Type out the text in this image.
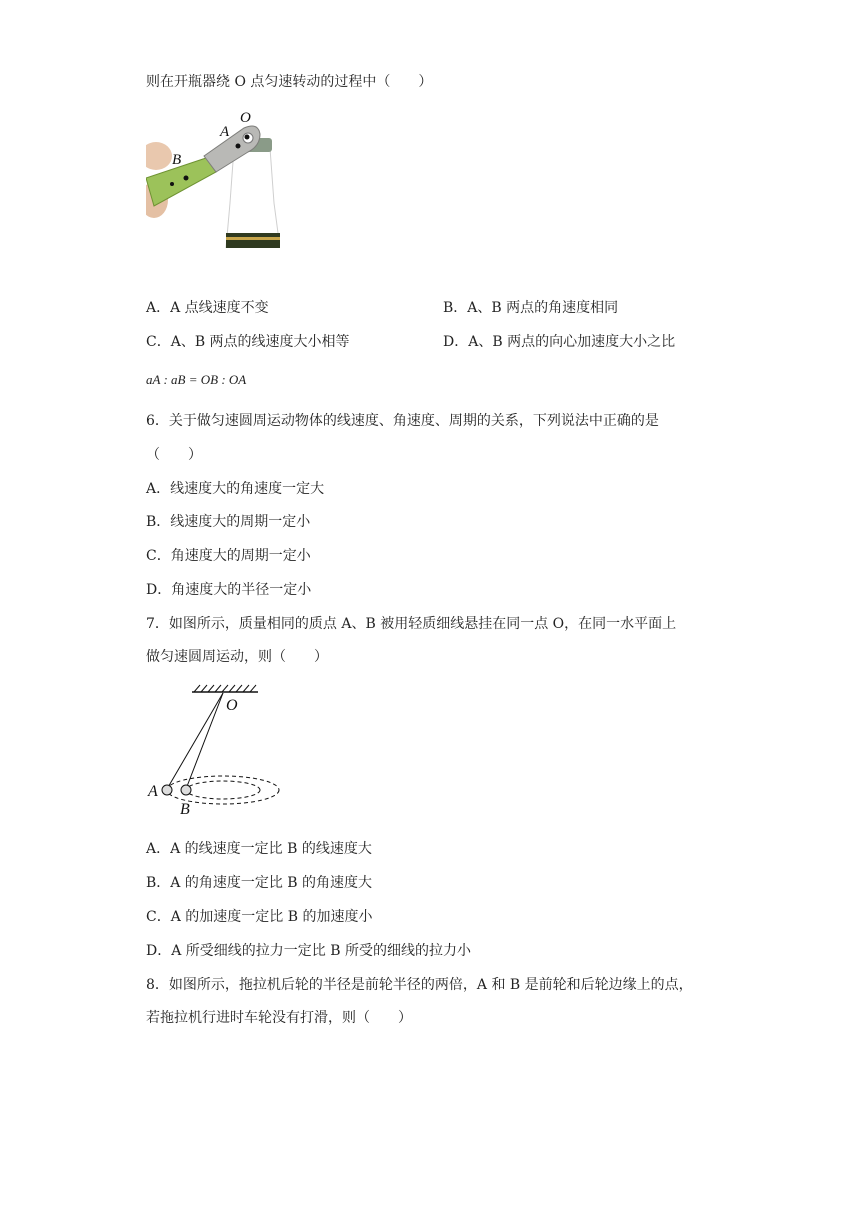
则在开瓶器绕 O 点匀速转动的过程中（　　）
A
O
B
A．A 点线速度不变	B．A、B 两点的角速度相同
C．A、B 两点的线速度大小相等	D．A、B 两点的向心加速度大小之比
aA : aB = OB : OA
6．关于做匀速圆周运动物体的线速度、角速度、周期的关系，下列说法中正确的是
（　　）
A．线速度大的角速度一定大
B．线速度大的周期一定小
C．角速度大的周期一定小
D．角速度大的半径一定小
7．如图所示，质量相同的质点 A、B 被用轻质细线悬挂在同一点 O，在同一水平面上
做匀速圆周运动，则（　　）
O
A
B
A．A 的线速度一定比 B 的线速度大
B．A 的角速度一定比 B 的角速度大
C．A 的加速度一定比 B 的加速度小
D．A 所受细线的拉力一定比 B 所受的细线的拉力小
8．如图所示，拖拉机后轮的半径是前轮半径的两倍，A 和 B 是前轮和后轮边缘上的点，
若拖拉机行进时车轮没有打滑，则（　　）
